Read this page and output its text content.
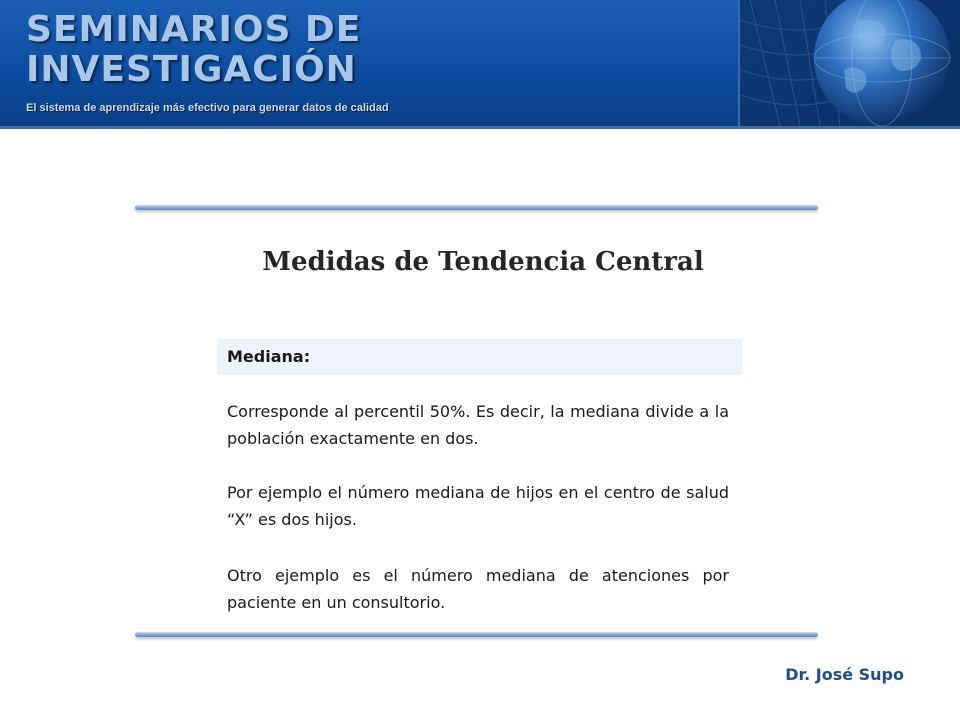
SEMINARIOS DE
INVESTIGACIÓN
El sistema de aprendizaje más efectivo para generar datos de calidad
Medidas de Tendencia Central
Mediana:

Corresponde al percentil 50%. Es decir, la mediana divide a la población exactamente en dos.

Por ejemplo el número mediana de hijos en el centro de salud “X” es dos hijos.

Otro ejemplo es el número mediana de atenciones por paciente en un consultorio.

Dr. José Supo
